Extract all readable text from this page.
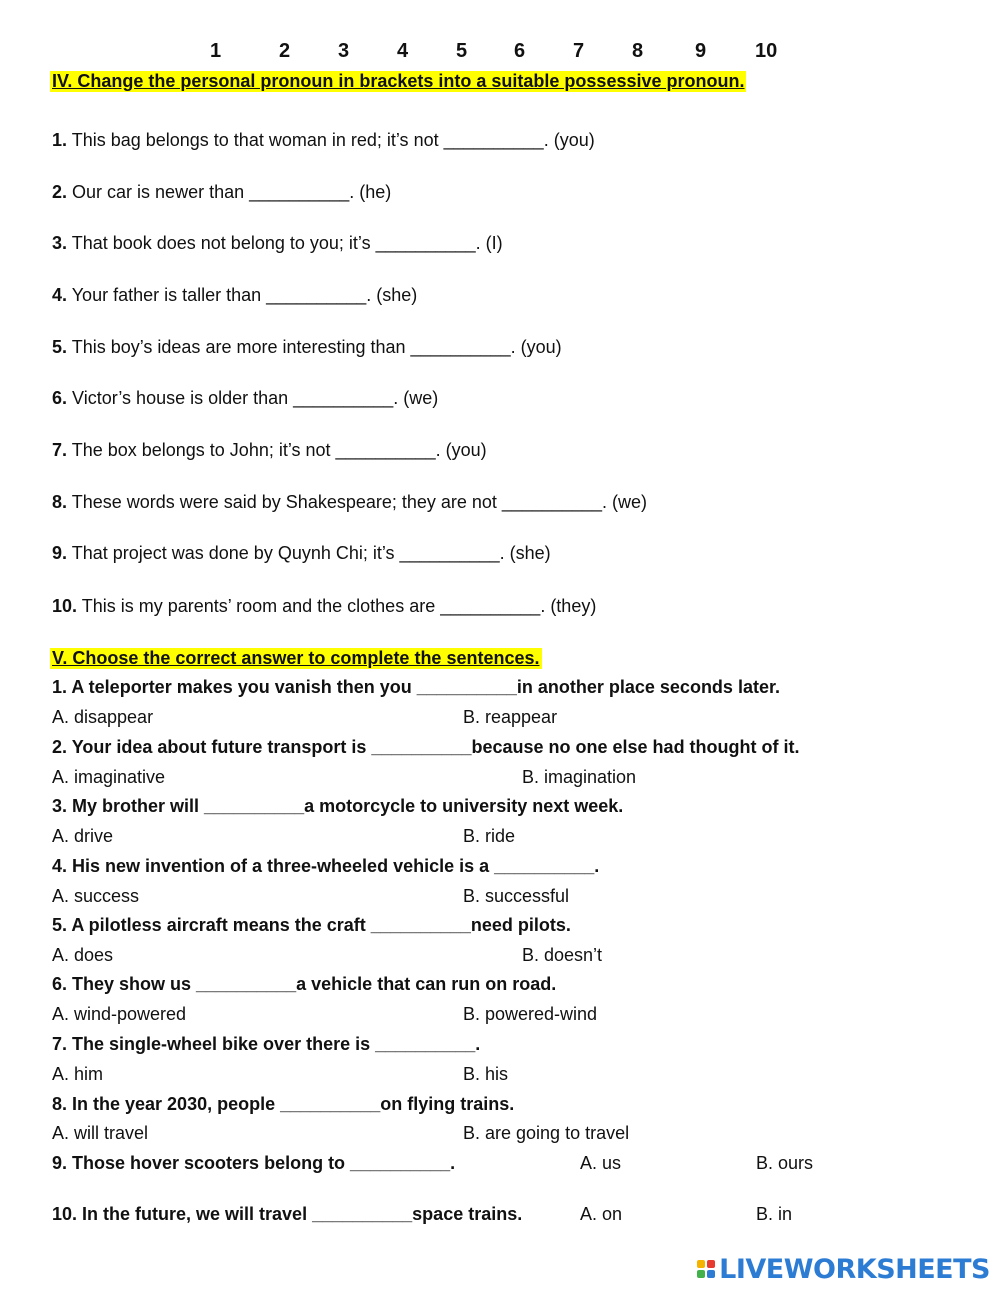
1	2 3 4 5 6 7 8	9 10
IV. Change the personal pronoun in brackets into a suitable possessive pronoun.
1. This bag belongs to that woman in red; it’s not __________. (you)
2. Our car is newer than __________. (he)
3. That book does not belong to you; it’s __________. (I)
4. Your father is taller than __________. (she)
5. This boy’s ideas are more interesting than __________. (you)
6. Victor’s house is older than __________. (we)
7. The box belongs to John; it’s not __________. (you)
8. These words were said by Shakespeare; they are not __________. (we)
9. That project was done by Quynh Chi; it’s __________. (she)
10. This is my parents’ room and the clothes are __________. (they)
V. Choose the correct answer to complete the sentences.
1. A teleporter makes you vanish then you __________in another place seconds later.
A. disappear	B. reappear
2. Your idea about future transport is __________because no one else had thought of it.
A. imaginative	B. imagination
3. My brother will __________a motorcycle to university next week.
A. drive	B. ride
4. His new invention of a three-wheeled vehicle is a __________.
A. success	B. successful
5. A pilotless aircraft means the craft __________need pilots.
A. does	B. doesn’t
6. They show us __________a vehicle that can run on road.
A. wind-powered	B. powered-wind
7. The single-wheel bike over there is __________.
A. him	B. his
8. In the year 2030, people __________on flying trains.
A. will travel	B. are going to travel
9. Those hover scooters belong to __________.	A. us	B. ours
10. In the future, we will travel __________space trains.	A. on	B. in
LIVEWORKSHEETS
